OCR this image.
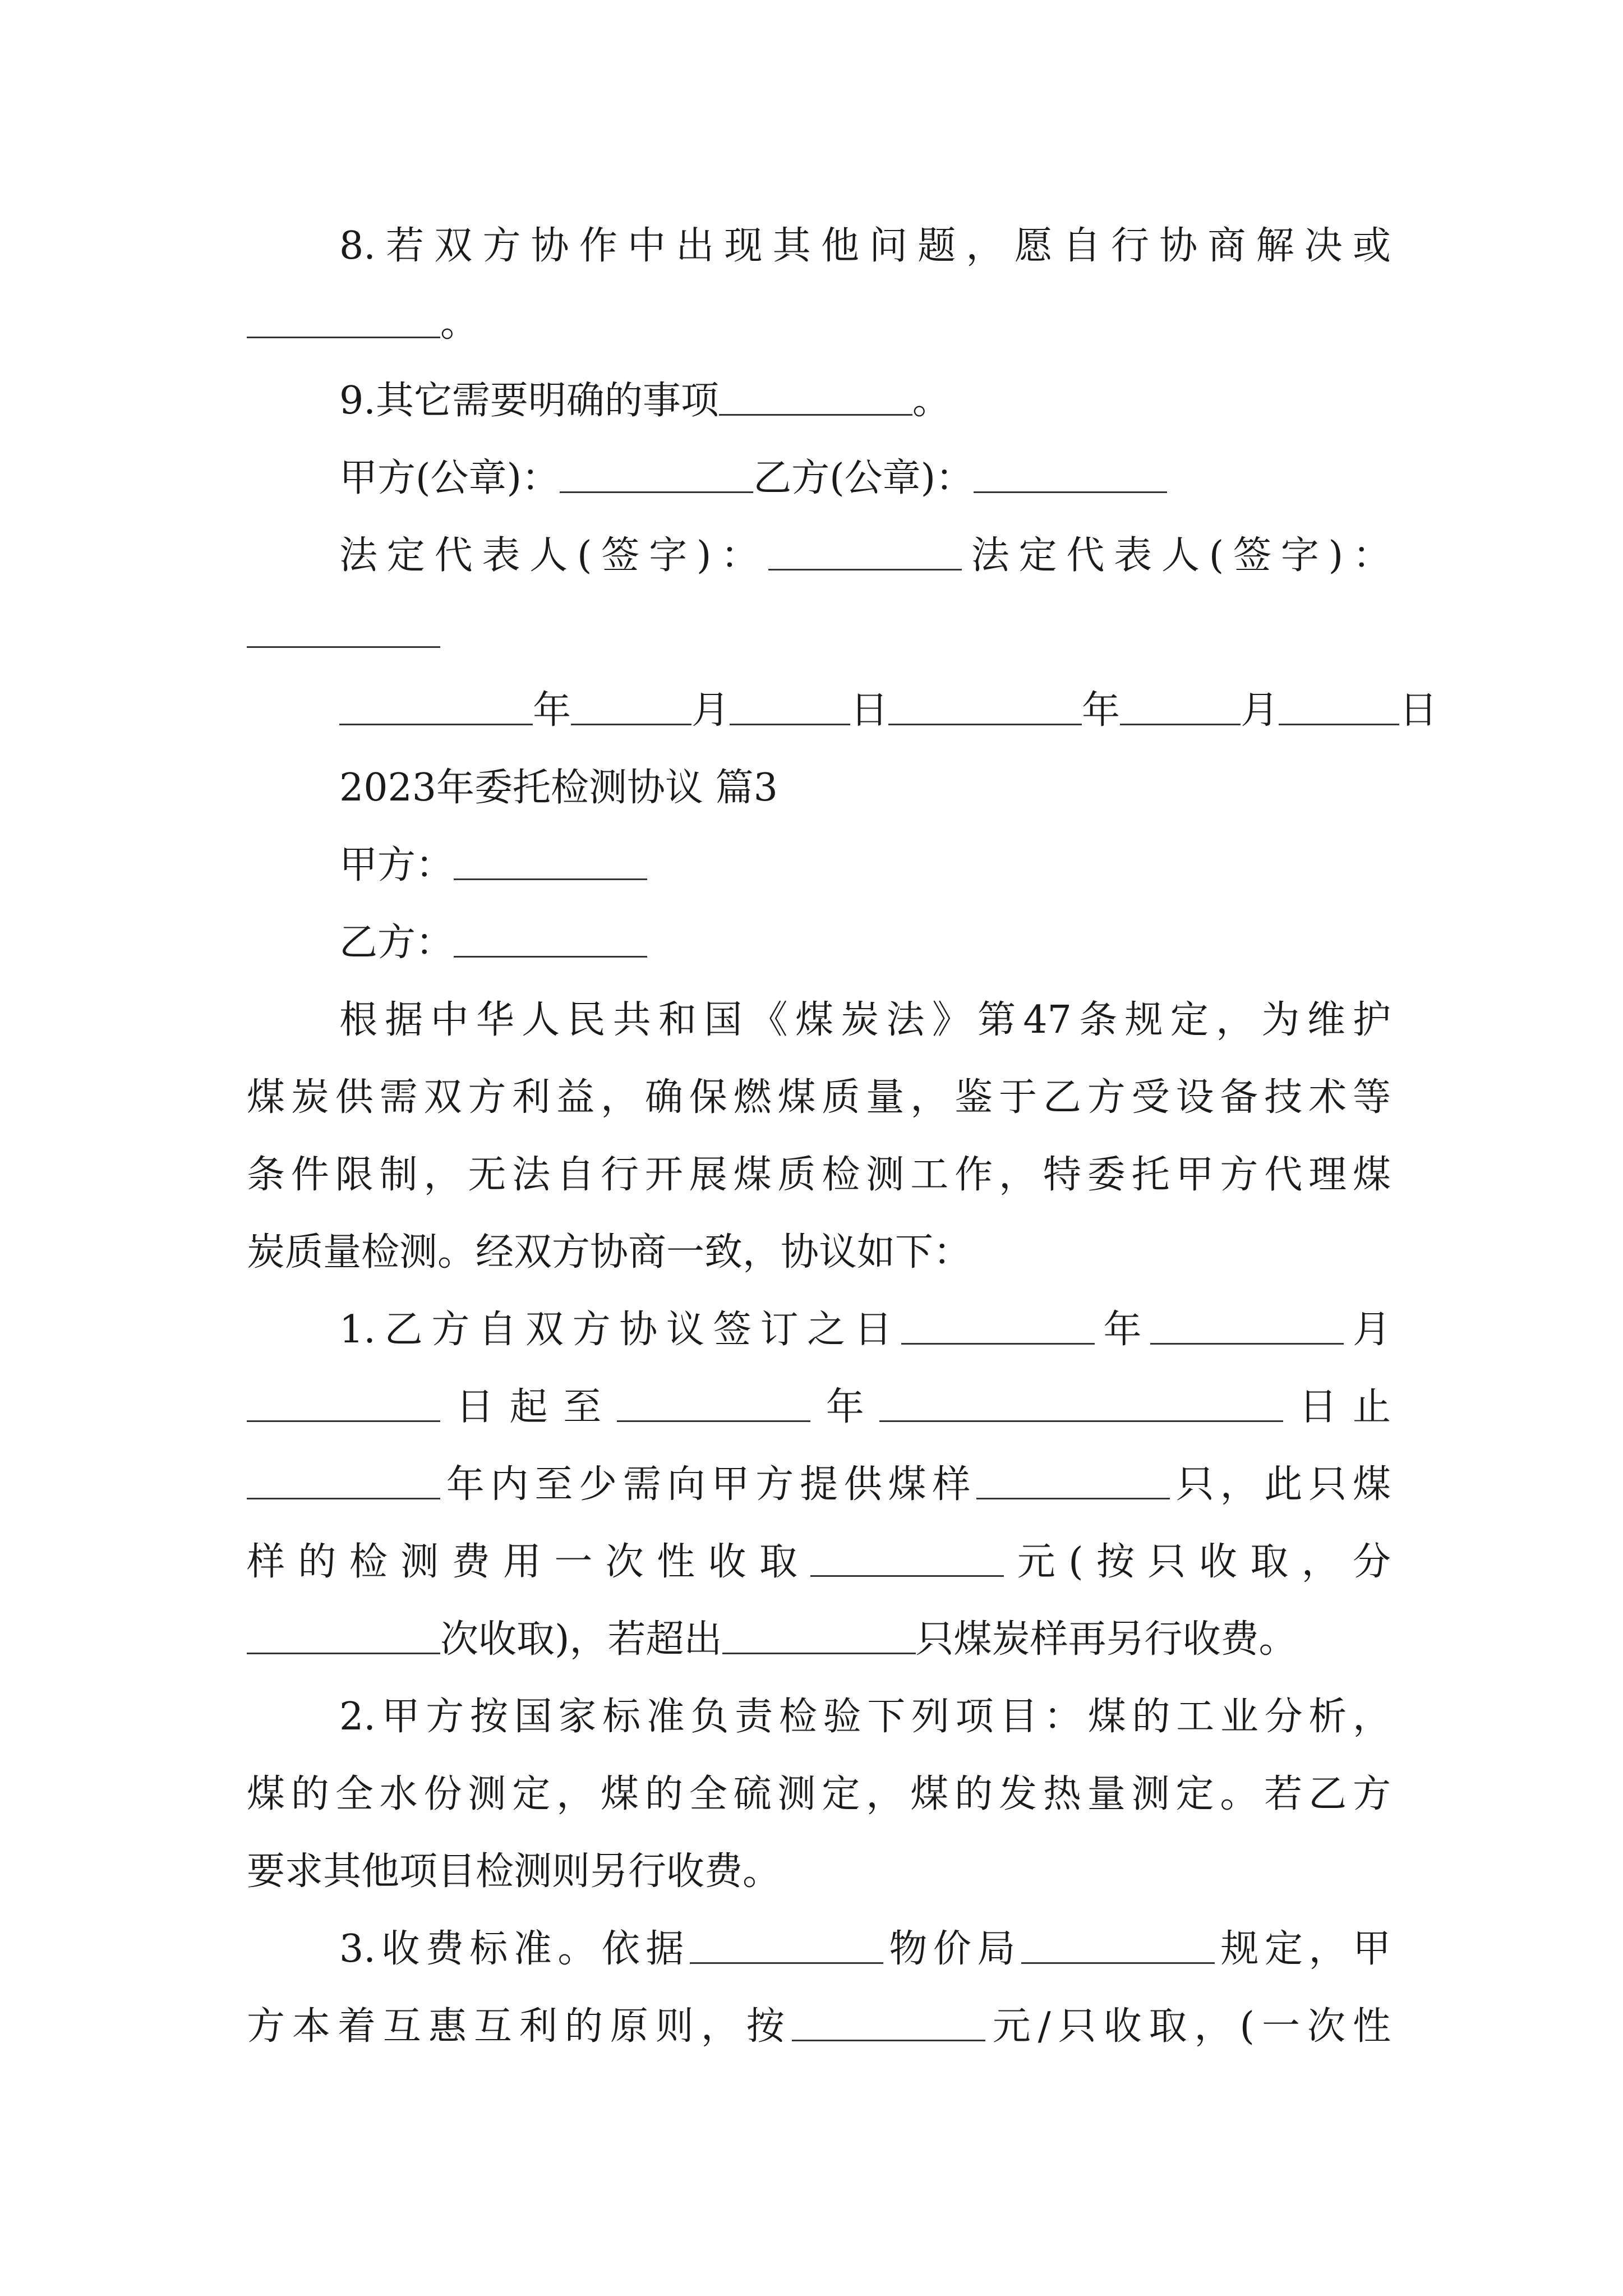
8.若双方协作中出现其他问题，愿自行协商解决或
。
9.其它需要明确的事项	。
甲方(公章)：	乙方(公章)：
法定代表人(签字)：	法定代表人(签字)：
年	月	日	年	月	日
2023年委托检测协议 篇3
甲方：
乙方：
根据中华人民共和国《煤炭法》第47条规定，为维护
煤炭供需双方利益，确保燃煤质量，鉴于乙方受设备技术等
条件限制，无法自行开展煤质检测工作，特委托甲方代理煤
炭质量检测。经双方协商一致，协议如下：
1.乙方自双方协议签订之日	年	月
日起至	年	日止
年内至少需向甲方提供煤样	只，此只煤
样的检测费用一次性收取	元(按只收取，分
次收取)，若超出	只煤炭样再另行收费。
2.甲方按国家标准负责检验下列项目：煤的工业分析，
煤的全水份测定，煤的全硫测定，煤的发热量测定。若乙方
要求其他项目检测则另行收费。
3.收费标准。依据	物价局	规定，甲
方本着互惠互利的原则，按	元/只收取，(一次性
